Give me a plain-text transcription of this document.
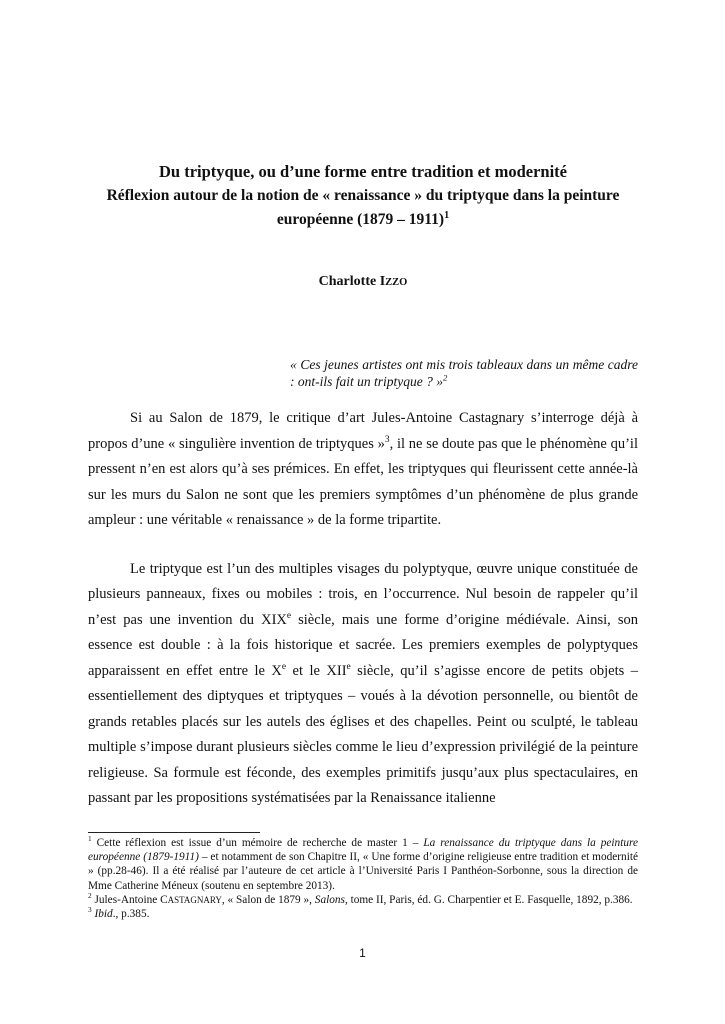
Du triptyque, ou d’une forme entre tradition et modernité
Réflexion autour de la notion de « renaissance » du triptyque dans la peinture
européenne (1879 – 1911)$^1$
Charlotte IZZO
« Ces jeunes artistes ont mis trois tableaux dans un même cadre : ont-ils fait un triptyque ? »$^2$

Si au Salon de 1879, le critique d’art Jules-Antoine Castagnary s’interroge déjà à propos d’une « singulière invention de triptyques »$^3$, il ne se doute pas que le phénomène qu’il pressent n’en est alors qu’à ses prémices. En effet, les triptyques qui fleurissent cette année-là sur les murs du Salon ne sont que les premiers symptômes d’un phénomène de plus grande ampleur : une véritable « renaissance » de la forme tripartite.

Le triptyque est l’un des multiples visages du polyptyque, œuvre unique constituée de plusieurs panneaux, fixes ou mobiles : trois, en l’occurrence. Nul besoin de rappeler qu’il n’est pas une invention du XIXe siècle, mais une forme d’origine médiévale. Ainsi, son essence est double : à la fois historique et sacrée. Les premiers exemples de polyptyques apparaissent en effet entre le Xe et le XIIe siècle, qu’il s’agisse encore de petits objets – essentiellement des diptyques et triptyques – voués à la dévotion personnelle, ou bientôt de grands retables placés sur les autels des églises et des chapelles. Peint ou sculpté, le tableau multiple s’impose durant plusieurs siècles comme le lieu d’expression privilégié de la peinture religieuse. Sa formule est féconde, des exemples primitifs jusqu’aux plus spectaculaires, en passant par les propositions systématisées par la Renaissance italienne

$^1$ Cette réflexion est issue d’un mémoire de recherche de master 1 – La renaissance du triptyque dans la peinture européenne (1879-1911) – et notamment de son Chapitre II, « Une forme d’origine religieuse entre tradition et modernité » (pp.28-46). Il a été réalisé par l’auteure de cet article à l’Université Paris I Panthéon-Sorbonne, sous la direction de Mme Catherine Méneux (soutenu en septembre 2013).

$^2$ Jules-Antoine CASTAGNARY, « Salon de 1879 », Salons, tome II, Paris, éd. G. Charpentier et E. Fasquelle, 1892, p.386.

$^3$ Ibid., p.385.

1
